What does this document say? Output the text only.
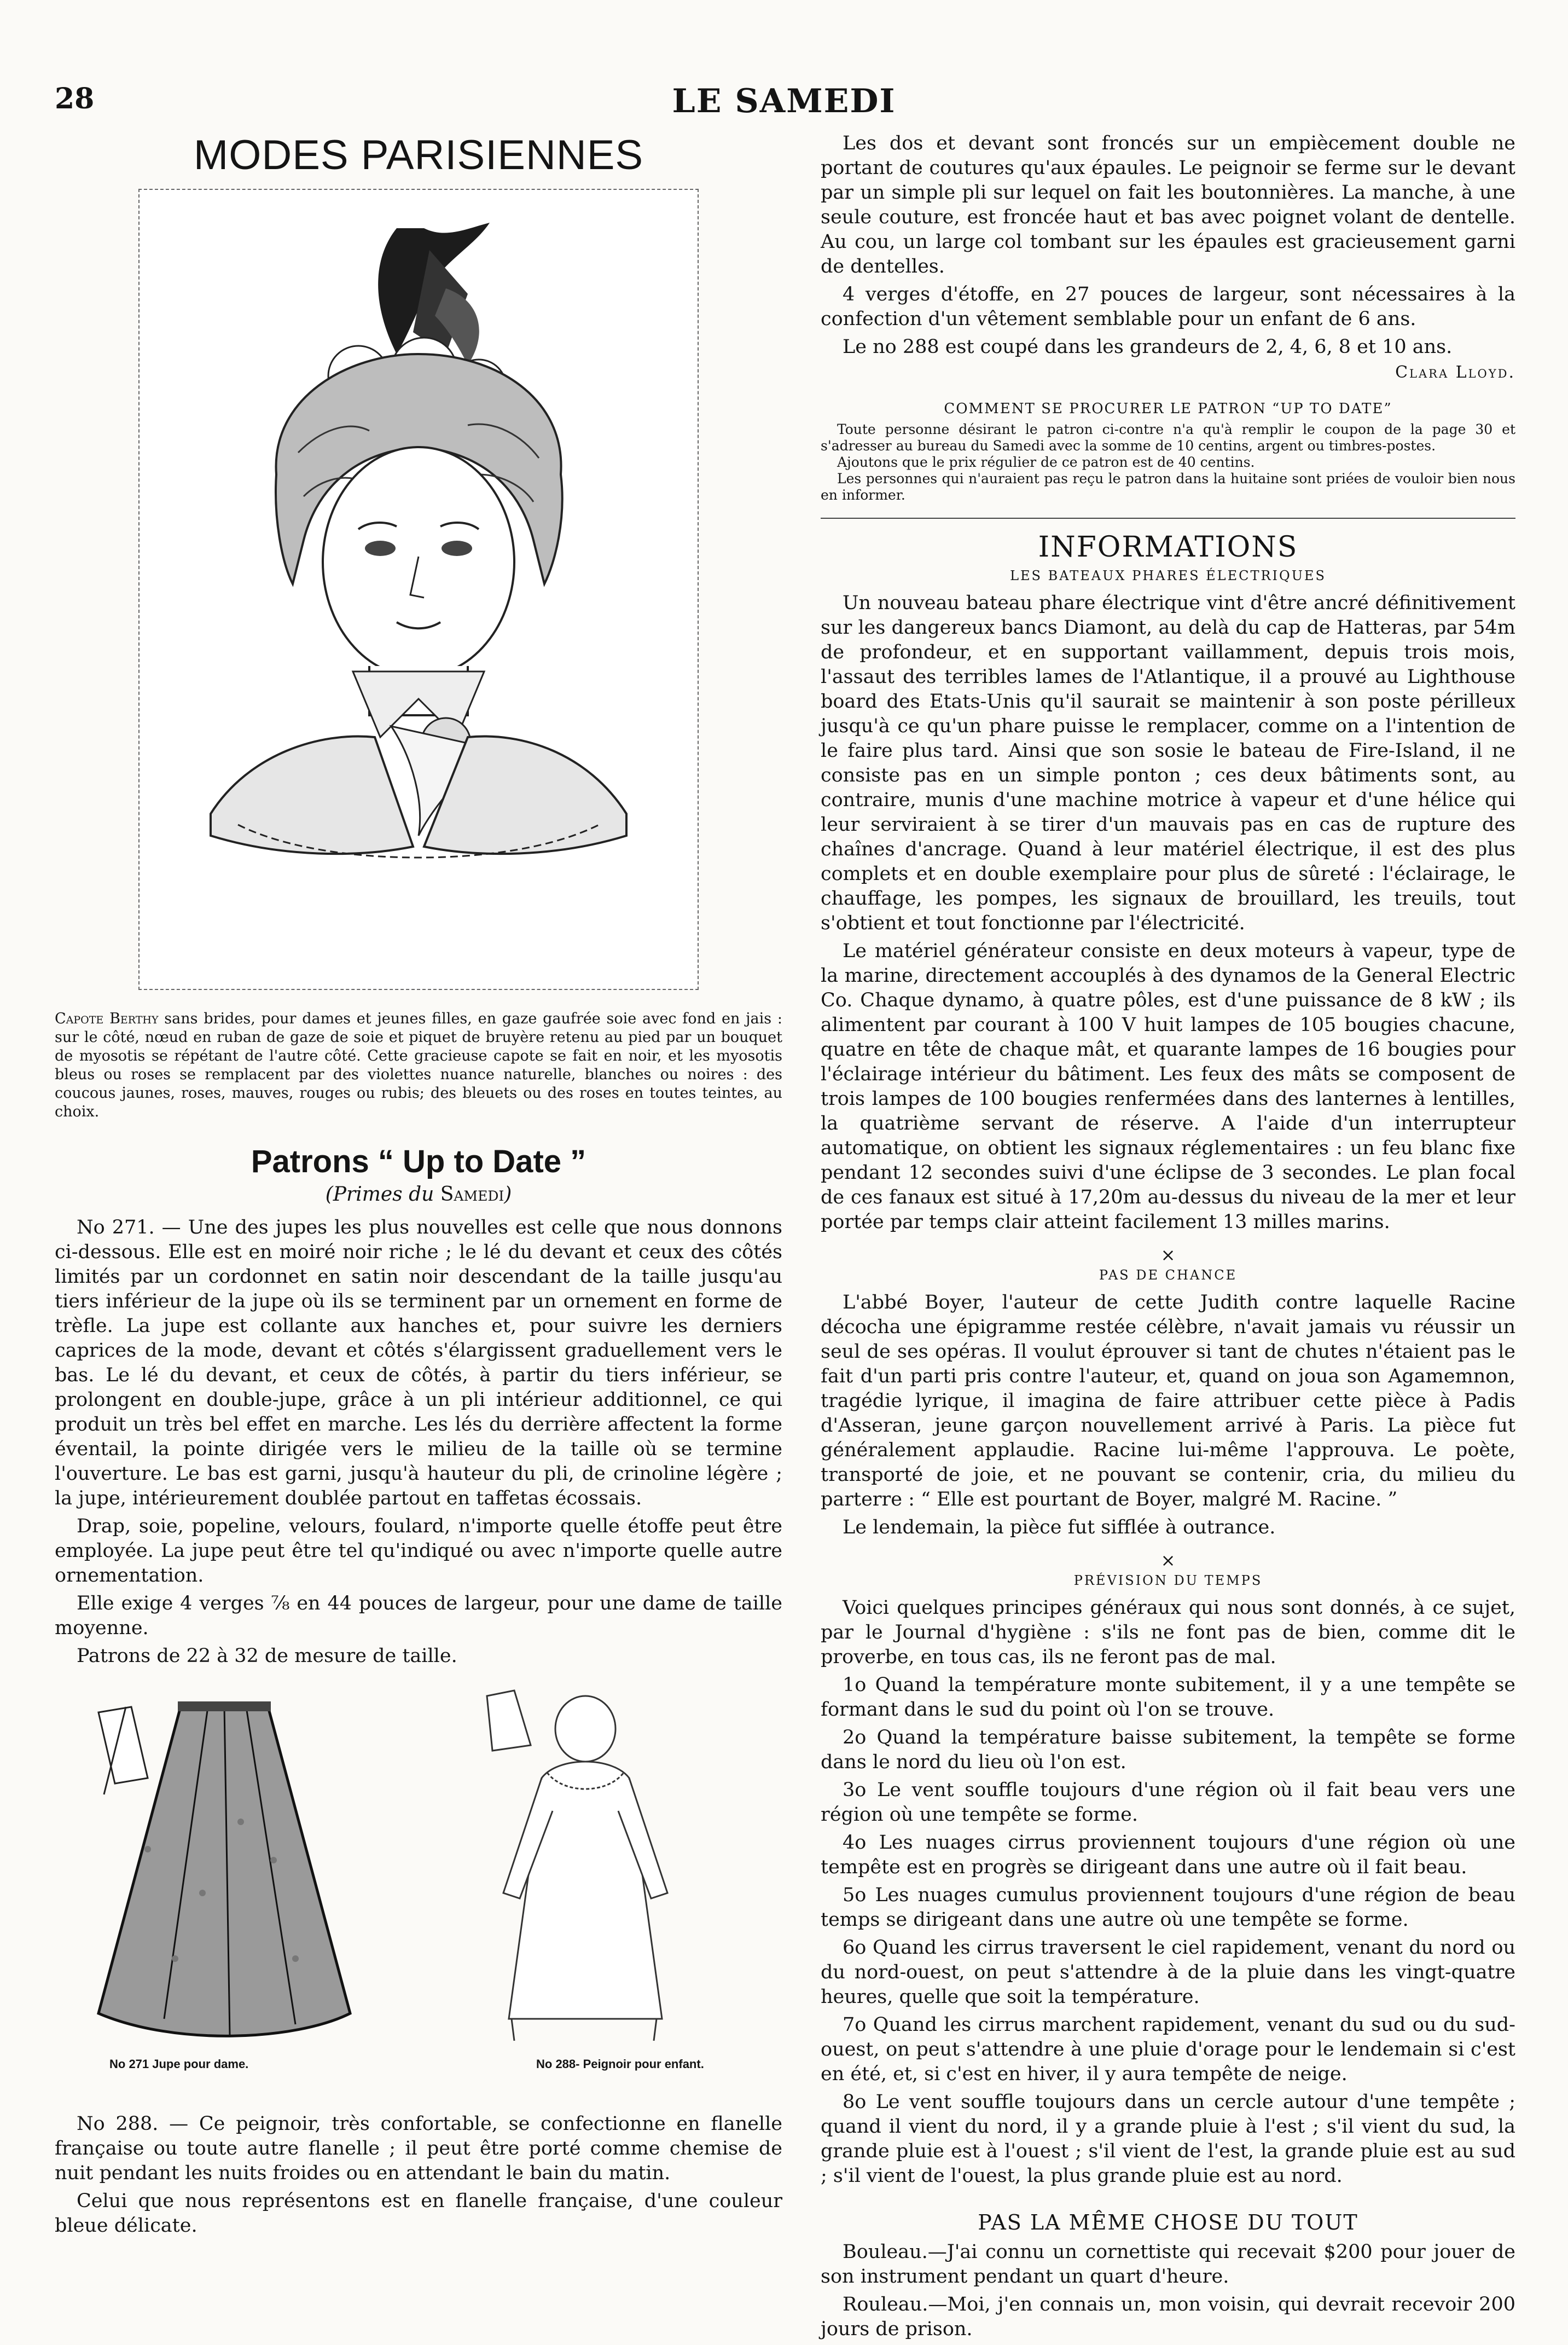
28	LE SAMEDI
MODES PARISIENNES
Capote Berthy sans brides, pour dames et jeunes filles, en gaze gaufrée soie avec fond en jais : sur le côté, nœud en ruban de gaze de soie et piquet de bruyère retenu au pied par un bouquet de myosotis se répétant de l'autre côté. Cette gracieuse capote se fait en noir, et les myosotis bleus ou roses se remplacent par des violettes nuance naturelle, blanches ou noires : des coucous jaunes, roses, mauves, rouges ou rubis; des bleuets ou des roses en toutes teintes, au choix.
Patrons “ Up to Date ”
(Primes du Samedi)

No 271. — Une des jupes les plus nouvelles est celle que nous donnons ci-dessous. Elle est en moiré noir riche ; le lé du devant et ceux des côtés limités par un cordonnet en satin noir descendant de la taille jusqu'au tiers inférieur de la jupe où ils se terminent par un ornement en forme de trèfle. La jupe est collante aux hanches et, pour suivre les derniers caprices de la mode, devant et côtés s'élargissent graduellement vers le bas. Le lé du devant, et ceux de côtés, à partir du tiers inférieur, se prolongent en double-jupe, grâce à un pli intérieur additionnel, ce qui produit un très bel effet en marche. Les lés du derrière affectent la forme éventail, la pointe dirigée vers le milieu de la taille où se termine l'ouverture. Le bas est garni, jusqu'à hauteur du pli, de crinoline légère ; la jupe, intérieurement doublée partout en taffetas écossais.

Drap, soie, popeline, velours, foulard, n'importe quelle étoffe peut être employée. La jupe peut être tel qu'indiqué ou avec n'importe quelle autre ornementation.

Elle exige 4 verges ⅞ en 44 pouces de largeur, pour une dame de taille moyenne.

Patrons de 22 à 32 de mesure de taille.

No 271 Jupe pour dame.	No 288- Peignoir pour enfant.

No 288. — Ce peignoir, très confortable, se confectionne en flanelle française ou toute autre flanelle ; il peut être porté comme chemise de nuit pendant les nuits froides ou en attendant le bain du matin.

Celui que nous représentons est en flanelle française, d'une couleur bleue délicate.

Les dos et devant sont froncés sur un empiècement double ne portant de coutures qu'aux épaules. Le peignoir se ferme sur le devant par un simple pli sur lequel on fait les boutonnières. La manche, à une seule couture, est froncée haut et bas avec poignet volant de dentelle. Au cou, un large col tombant sur les épaules est gracieusement garni de dentelles.

4 verges d'étoffe, en 27 pouces de largeur, sont nécessaires à la confection d'un vêtement semblable pour un enfant de 6 ans.

Le no 288 est coupé dans les grandeurs de 2, 4, 6, 8 et 10 ans.

Clara Lloyd.
COMMENT SE PROCURER LE PATRON “UP TO DATE”

Toute personne désirant le patron ci-contre n'a qu'à remplir le coupon de la page 30 et s'adresser au bureau du Samedi avec la somme de 10 centins, argent ou timbres-postes.

Ajoutons que le prix régulier de ce patron est de 40 centins.

Les personnes qui n'auraient pas reçu le patron dans la huitaine sont priées de vouloir bien nous en informer.

INFORMATIONS
LES BATEAUX PHARES ÉLECTRIQUES

Un nouveau bateau phare électrique vint d'être ancré définitivement sur les dangereux bancs Diamont, au delà du cap de Hatteras, par 54m de profondeur, et en supportant vaillamment, depuis trois mois, l'assaut des terribles lames de l'Atlantique, il a prouvé au Lighthouse board des Etats-Unis qu'il saurait se maintenir à son poste périlleux jusqu'à ce qu'un phare puisse le remplacer, comme on a l'intention de le faire plus tard. Ainsi que son sosie le bateau de Fire-Island, il ne consiste pas en un simple ponton ; ces deux bâtiments sont, au contraire, munis d'une machine motrice à vapeur et d'une hélice qui leur serviraient à se tirer d'un mauvais pas en cas de rupture des chaînes d'ancrage. Quand à leur matériel électrique, il est des plus complets et en double exemplaire pour plus de sûreté : l'éclairage, le chauffage, les pompes, les signaux de brouillard, les treuils, tout s'obtient et tout fonctionne par l'électricité.

Le matériel générateur consiste en deux moteurs à vapeur, type de la marine, directement accouplés à des dynamos de la General Electric Co. Chaque dynamo, à quatre pôles, est d'une puissance de 8 kW ; ils alimentent par courant à 100 V huit lampes de 105 bougies chacune, quatre en tête de chaque mât, et quarante lampes de 16 bougies pour l'éclairage intérieur du bâtiment. Les feux des mâts se composent de trois lampes de 100 bougies renfermées dans des lanternes à lentilles, la quatrième servant de réserve. A l'aide d'un interrupteur automatique, on obtient les signaux réglementaires : un feu blanc fixe pendant 12 secondes suivi d'une éclipse de 3 secondes. Le plan focal de ces fanaux est situé à 17,20m au-dessus du niveau de la mer et leur portée par temps clair atteint facilement 13 milles marins.

×
PAS DE CHANCE

L'abbé Boyer, l'auteur de cette Judith contre laquelle Racine décocha une épigramme restée célèbre, n'avait jamais vu réussir un seul de ses opéras. Il voulut éprouver si tant de chutes n'étaient pas le fait d'un parti pris contre l'auteur, et, quand on joua son Agamemnon, tragédie lyrique, il imagina de faire attribuer cette pièce à Padis d'Asseran, jeune garçon nouvellement arrivé à Paris. La pièce fut généralement applaudie. Racine lui-même l'approuva. Le poète, transporté de joie, et ne pouvant se contenir, cria, du milieu du parterre : “ Elle est pourtant de Boyer, malgré M. Racine. ”

Le lendemain, la pièce fut sifflée à outrance.

×
PRÉVISION DU TEMPS

Voici quelques principes généraux qui nous sont donnés, à ce sujet, par le Journal d'hygiène : s'ils ne font pas de bien, comme dit le proverbe, en tous cas, ils ne feront pas de mal.

1o Quand la température monte subitement, il y a une tempête se formant dans le sud du point où l'on se trouve.

2o Quand la température baisse subitement, la tempête se forme dans le nord du lieu où l'on est.

3o Le vent souffle toujours d'une région où il fait beau vers une région où une tempête se forme.

4o Les nuages cirrus proviennent toujours d'une région où une tempête est en progrès se dirigeant dans une autre où il fait beau.

5o Les nuages cumulus proviennent toujours d'une région de beau temps se dirigeant dans une autre où une tempête se forme.

6o Quand les cirrus traversent le ciel rapidement, venant du nord ou du nord-ouest, on peut s'attendre à de la pluie dans les vingt-quatre heures, quelle que soit la température.

7o Quand les cirrus marchent rapidement, venant du sud ou du sud-ouest, on peut s'attendre à une pluie d'orage pour le lendemain si c'est en été, et, si c'est en hiver, il y aura tempête de neige.

8o Le vent souffle toujours dans un cercle autour d'une tempête ; quand il vient du nord, il y a grande pluie à l'est ; s'il vient du sud, la grande pluie est à l'ouest ; s'il vient de l'est, la grande pluie est au sud ; s'il vient de l'ouest, la plus grande pluie est au nord.

PAS LA MÊME CHOSE DU TOUT

Bouleau.—J'ai connu un cornettiste qui recevait $200 pour jouer de son instrument pendant un quart d'heure.

Rouleau.—Moi, j'en connais un, mon voisin, qui devrait recevoir 200 jours de prison.
